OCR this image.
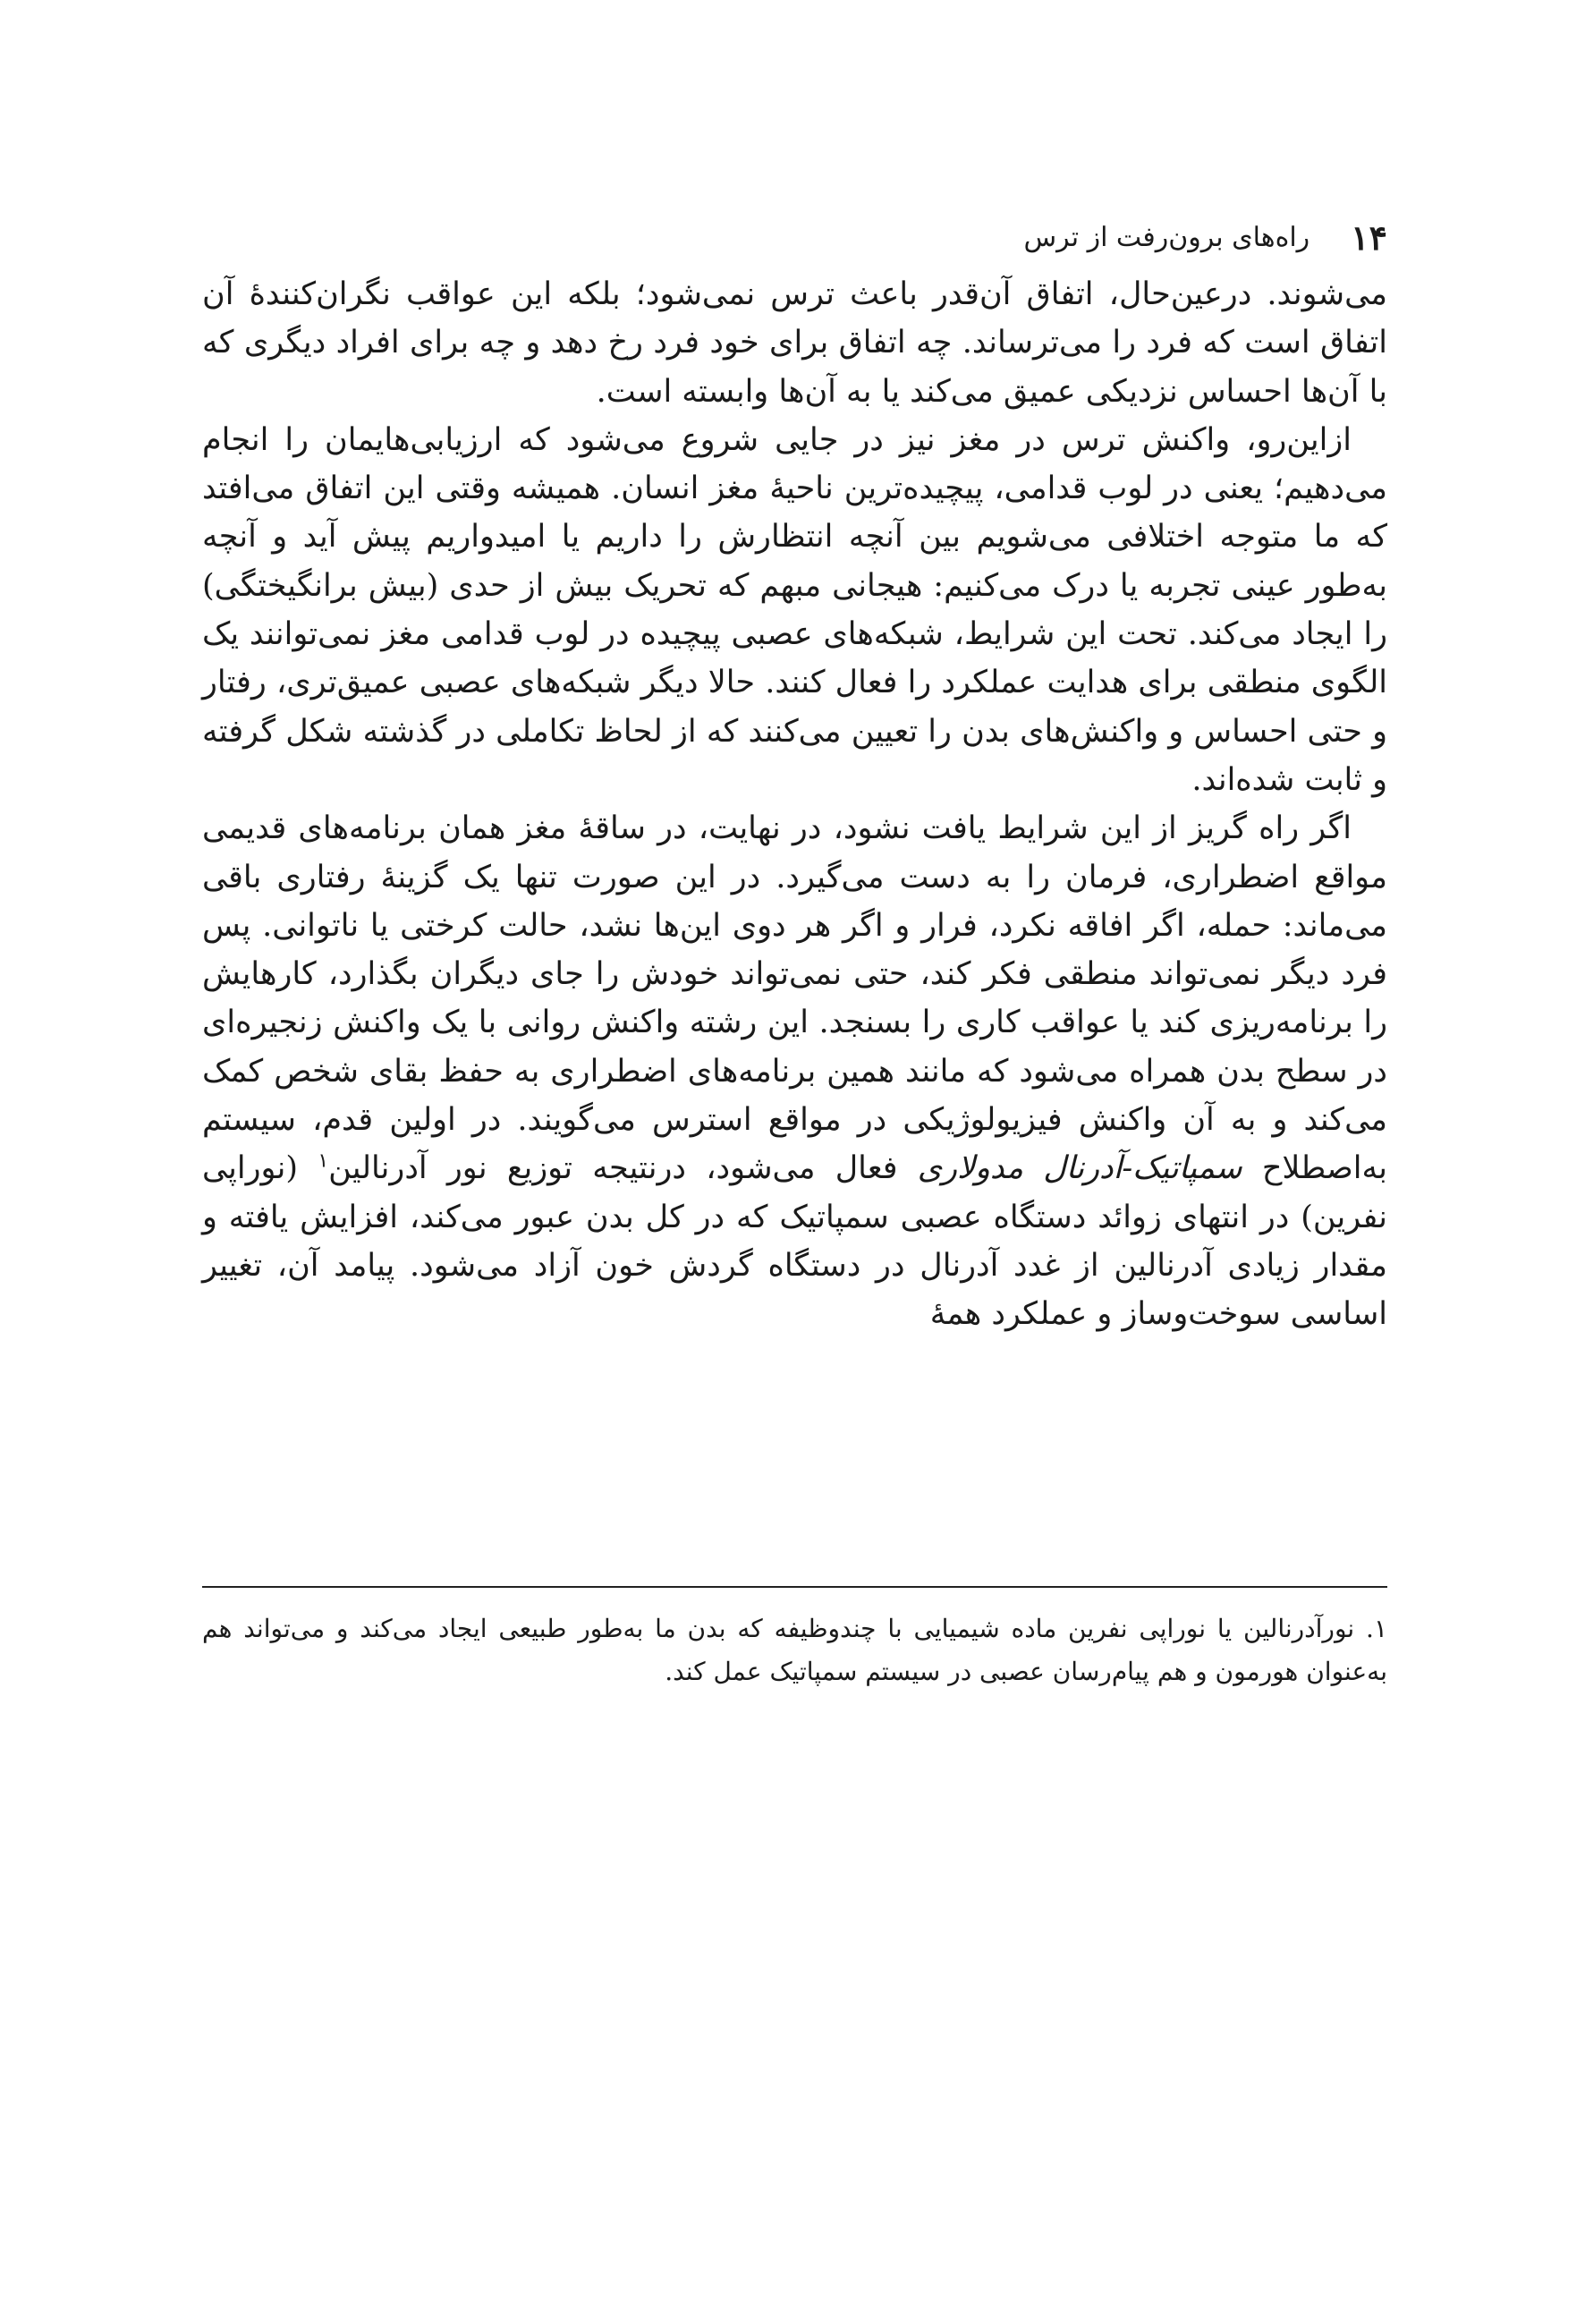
۱۴
راه‌های برون‌رفت از ترس

می‌شوند. درعین‌حال، اتفاق آن‌قدر باعث ترس نمی‌شود؛ بلکه این عواقب نگران‌کنندهٔ آن اتفاق است که فرد را می‌ترساند. چه اتفاق برای خود فرد رخ دهد و چه برای افراد دیگری که با آن‌ها احساس نزدیکی عمیق می‌کند یا به آن‌ها وابسته است.

ازاین‌رو، واکنش ترس در مغز نیز در جایی شروع می‌شود که ارزیابی‌هایمان را انجام می‌دهیم؛ یعنی در لوب قدامی، پیچیده‌ترین ناحیهٔ مغز انسان. همیشه وقتی این اتفاق می‌افتد که ما متوجه اختلافی می‌شویم بین آنچه انتظارش را داریم یا امیدواریم پیش آید و آنچه به‌طور عینی تجربه یا درک می‌کنیم: هیجانی مبهم که تحریک بیش از حدی (بیش برانگیختگی) را ایجاد می‌کند. تحت این شرایط، شبکه‌های عصبی پیچیده در لوب قدامی مغز نمی‌توانند یک الگوی منطقی برای هدایت عملکرد را فعال کنند. حالا دیگر شبکه‌های عصبی عمیق‌تری، رفتار و حتی احساس و واکنش‌های بدن را تعیین می‌کنند که از لحاظ تکاملی در گذشته شکل گرفته و ثابت شده‌اند.

اگر راه گریز از این شرایط یافت نشود، در نهایت، در ساقهٔ مغز همان برنامه‌های قدیمی مواقع اضطراری، فرمان را به دست می‌گیرد. در این صورت تنها یک گزینهٔ رفتاری باقی می‌ماند: حمله، اگر افاقه نکرد، فرار و اگر هر دوی این‌ها نشد، حالت کرختی یا ناتوانی. پس فرد دیگر نمی‌تواند منطقی فکر کند، حتی نمی‌تواند خودش را جای دیگران بگذارد، کارهایش را برنامه‌ریزی کند یا عواقب کاری را بسنجد. این رشته واکنش روانی با یک واکنش زنجیره‌ای در سطح بدن همراه می‌شود که مانند همین برنامه‌های اضطراری به حفظ بقای شخص کمک می‌کند و به آن واکنش فیزیولوژیکی در مواقع استرس می‌گویند. در اولین قدم، سیستم به‌اصطلاح سمپاتیک-آدرنال مدولاری فعال می‌شود، درنتیجه توزیع نور آدرنالین$^۱$ (نوراپی نفرین) در انتهای زوائد دستگاه عصبی سمپاتیک که در کل بدن عبور می‌کند، افزایش یافته و مقدار زیادی آدرنالین از غدد آدرنال در دستگاه گردش خون آزاد می‌شود. پیامد آن، تغییر اساسی سوخت‌وساز و عملکرد همهٔ

۱. نورآدرنالین یا نوراپی نفرین ماده شیمیایی با چندوظیفه که بدن ما به‌طور طبیعی ایجاد می‌کند و می‌تواند هم به‌عنوان هورمون و هم پیام‌رسان عصبی در سیستم سمپاتیک عمل کند.
